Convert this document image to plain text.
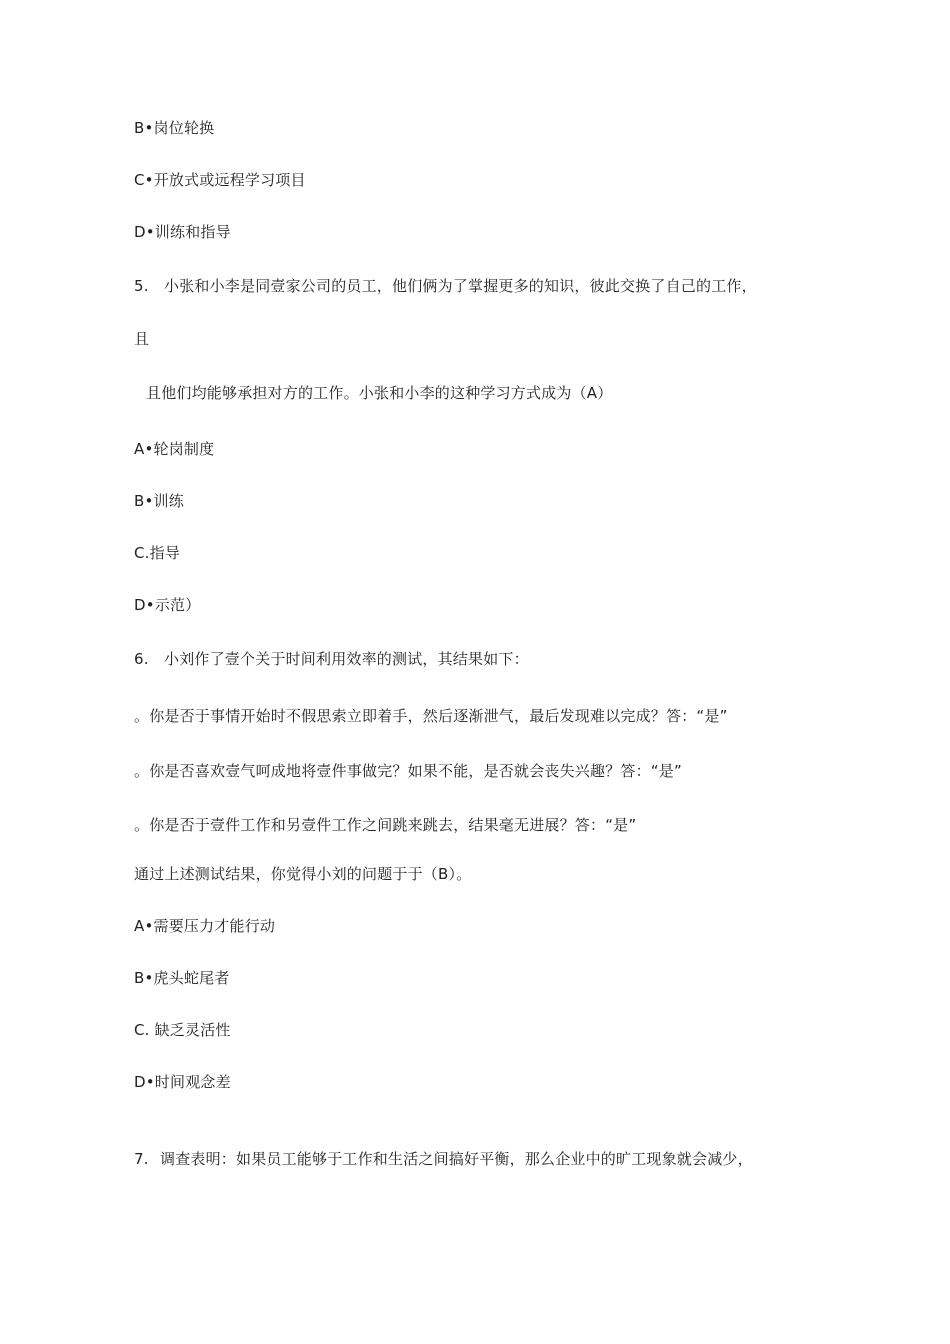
B•岗位轮换
C•开放式或远程学习项目
D•训练和指导
5. 小张和小李是同壹家公司的员工，他们俩为了掌握更多的知识，彼此交换了自己的工作，
且
且他们均能够承担对方的工作。小张和小李的这种学习方式成为（A）
A•轮岗制度
B•训练
C.指导
D•示范）
6. 小刘作了壹个关于时间利用效率的测试，其结果如下：
。你是否于事情开始时不假思索立即着手，然后逐渐泄气，最后发现难以完成？答：“是”
。你是否喜欢壹气呵成地将壹件事做完？如果不能，是否就会丧失兴趣？答：“是”
。你是否于壹件工作和另壹件工作之间跳来跳去，结果毫无进展？答：“是”
通过上述测试结果，你觉得小刘的问题于于（B）。
A•需要压力才能行动
B•虎头蛇尾者
C. 缺乏灵活性
D•时间观念差
7. 调查表明：如果员工能够于工作和生活之间搞好平衡，那么企业中的旷工现象就会减少，
